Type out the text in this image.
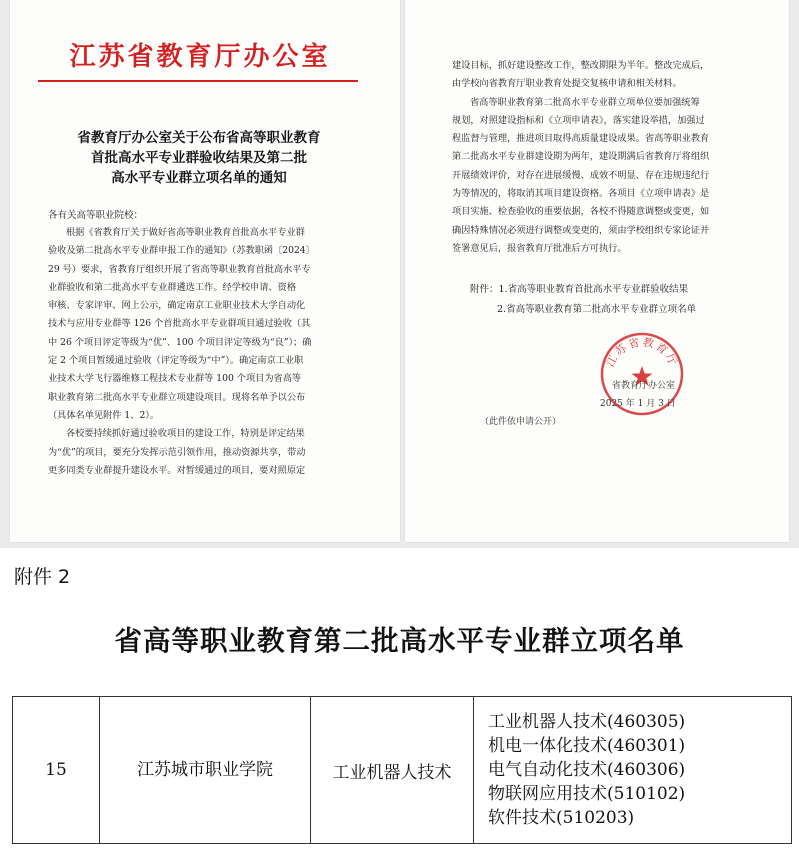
江苏省教育厅办公室
省教育厅办公室关于公布省高等职业教育
首批高水平专业群验收结果及第二批
高水平专业群立项名单的通知
各有关高等职业院校：
根据《省教育厅关于做好省高等职业教育首批高水平专业群
验收及第二批高水平专业群申报工作的通知》（苏教职函〔2024〕
29 号）要求，省教育厅组织开展了省高等职业教育首批高水平专
业群验收和第二批高水平专业群遴选工作。经学校申请、资格
审核、专家评审、网上公示，确定南京工业职业技术大学自动化
技术与应用专业群等 126 个首批高水平专业群项目通过验收（其
中 26 个项目评定等级为“优”、100 个项目评定等级为“良”）；确
定 2 个项目暂缓通过验收（评定等级为“中”）。确定南京工业职
业技术大学飞行器维修工程技术专业群等 100 个项目为省高等
职业教育第二批高水平专业群立项建设项目。现将名单予以公布
（具体名单见附件 1、2）。
各校要持续抓好通过验收项目的建设工作，特别是评定结果
为“优”的项目，要充分发挥示范引领作用，推动资源共享，带动
更多同类专业群提升建设水平。对暂缓通过的项目，要对照原定
建设目标，抓好建设整改工作，整改期限为半年。整改完成后，
由学校向省教育厅职业教育处提交复核申请和相关材料。
省高等职业教育第二批高水平专业群立项单位要加强统筹
规划，对照建设指标和《立项申请表》，落实建设举措，加强过
程监督与管理，推进项目取得高质量建设成果。省高等职业教育
第二批高水平专业群建设期为两年，建设期满后省教育厅将组织
开展绩效评价，对存在进展缓慢、成效不明显、存在违规违纪行
为等情况的，将取消其项目建设资格。各项目《立项申请表》是
项目实施、检查验收的重要依据，各校不得随意调整或变更，如
确因特殊情况必须进行调整或变更的，须由学校组织专家论证并
签署意见后，报省教育厅批准后方可执行。
附件：1.省高等职业教育首批高水平专业群验收结果
2.省高等职业教育第二批高水平专业群立项名单
江苏省教育厅
省教育厅办公室
2025 年 1 月 3 日
（此件依申请公开）
附件 2
省高等职业教育第二批高水平专业群立项名单
15	江苏城市职业学院	工业机器人技术	
工业机器人技术(460305)
机电一体化技术(460301)
电气自动化技术(460306)
物联网应用技术(510102)
软件技术(510203)
